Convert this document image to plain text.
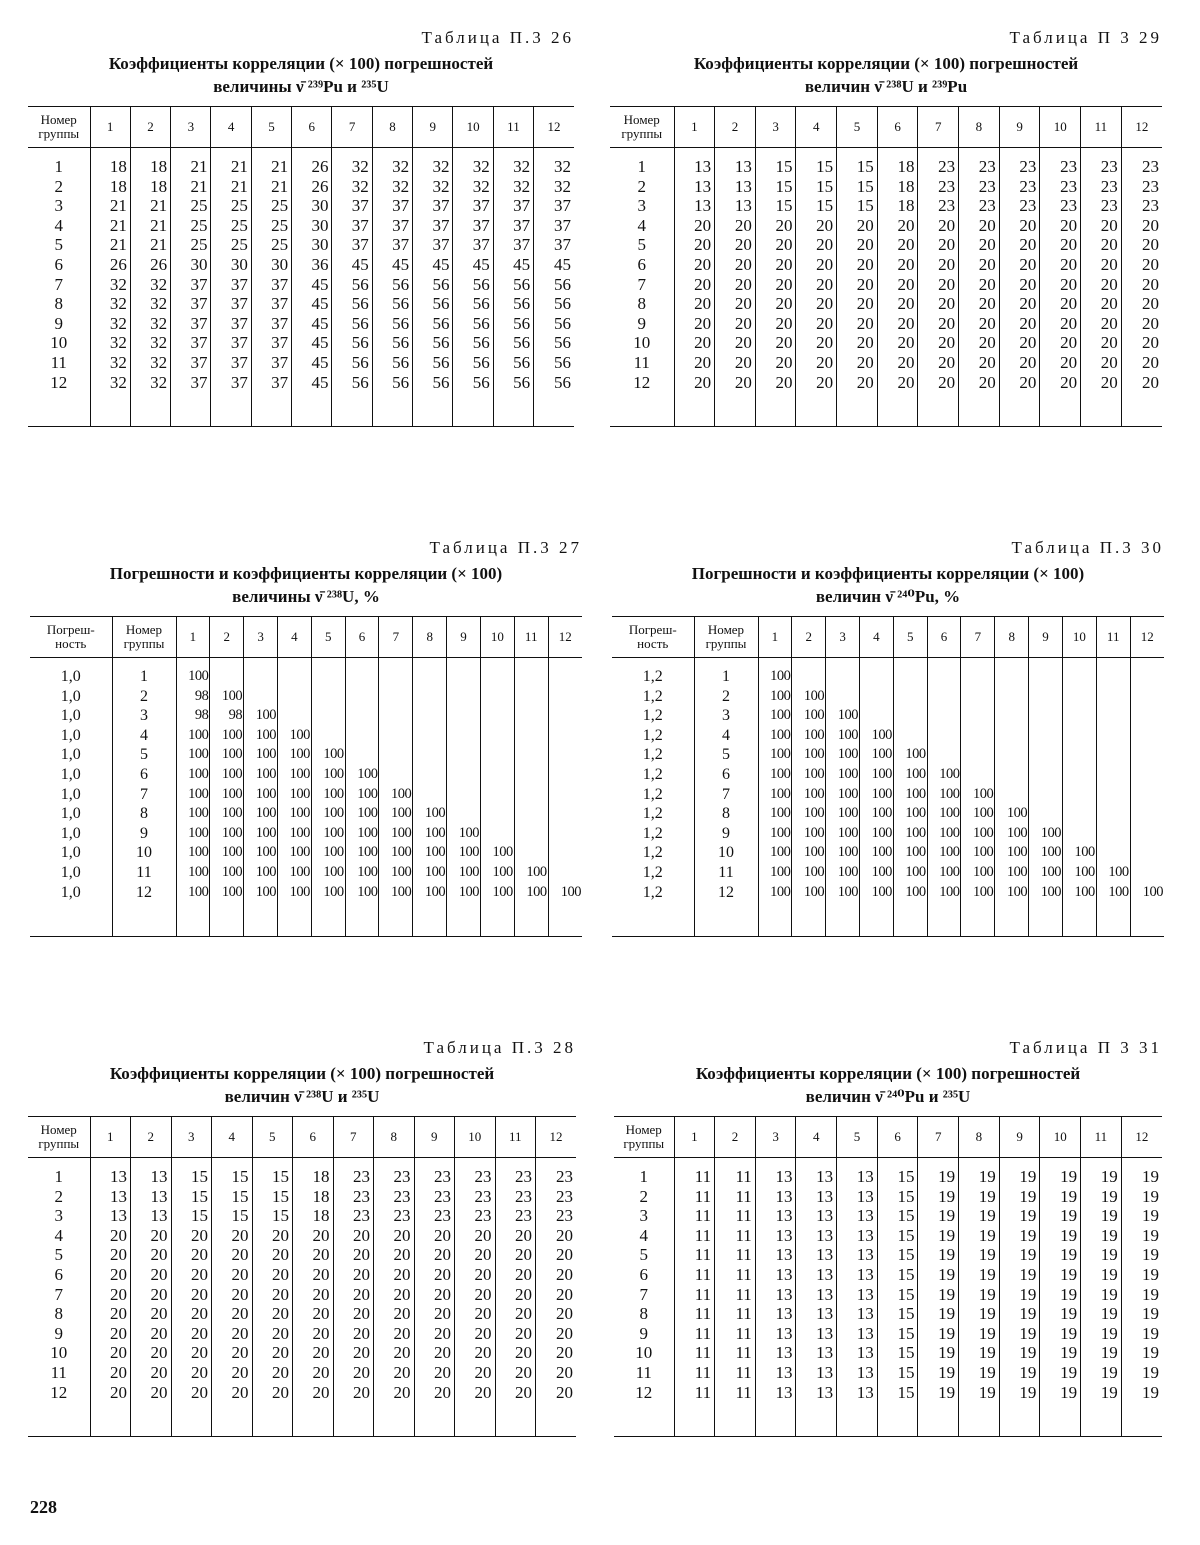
Таблица П.3 26
Коэффициенты корреляции (× 100) погрешностей
величины ν̄ ²³⁹Pu и ²³⁵U
Номер группы	1	2	3	4	5	6	7	8	9	10	11	12

1	18	18	21	21	21	26	32	32	32	32	32	32
2	18	18	21	21	21	26	32	32	32	32	32	32
3	21	21	25	25	25	30	37	37	37	37	37	37
4	21	21	25	25	25	30	37	37	37	37	37	37
5	21	21	25	25	25	30	37	37	37	37	37	37
6	26	26	30	30	30	36	45	45	45	45	45	45
7	32	32	37	37	37	45	56	56	56	56	56	56
8	32	32	37	37	37	45	56	56	56	56	56	56
9	32	32	37	37	37	45	56	56	56	56	56	56
10	32	32	37	37	37	45	56	56	56	56	56	56
11	32	32	37	37	37	45	56	56	56	56	56	56
12	32	32	37	37	37	45	56	56	56	56	56	56

Таблица П 3 29
Коэффициенты корреляции (× 100) погрешностей
величин ν̄ ²³⁸U и ²³⁹Pu
Номер группы	1	2	3	4	5	6	7	8	9	10	11	12

1	13	13	15	15	15	18	23	23	23	23	23	23
2	13	13	15	15	15	18	23	23	23	23	23	23
3	13	13	15	15	15	18	23	23	23	23	23	23
4	20	20	20	20	20	20	20	20	20	20	20	20
5	20	20	20	20	20	20	20	20	20	20	20	20
6	20	20	20	20	20	20	20	20	20	20	20	20
7	20	20	20	20	20	20	20	20	20	20	20	20
8	20	20	20	20	20	20	20	20	20	20	20	20
9	20	20	20	20	20	20	20	20	20	20	20	20
10	20	20	20	20	20	20	20	20	20	20	20	20
11	20	20	20	20	20	20	20	20	20	20	20	20
12	20	20	20	20	20	20	20	20	20	20	20	20

Таблица П.3 27
Погрешности и коэффициенты корреляции (× 100)
величины ν̄ ²³⁸U, %
Погреш- ность	Номер группы	1	2	3	4	5	6	7	8	9	10	11	12

1,0	1	100											
1,0	2	98	100										
1,0	3	98	98	100									
1,0	4	100	100	100	100								
1,0	5	100	100	100	100	100							
1,0	6	100	100	100	100	100	100						
1,0	7	100	100	100	100	100	100	100					
1,0	8	100	100	100	100	100	100	100	100				
1,0	9	100	100	100	100	100	100	100	100	100			
1,0	10	100	100	100	100	100	100	100	100	100	100		
1,0	11	100	100	100	100	100	100	100	100	100	100	100	
1,0	12	100	100	100	100	100	100	100	100	100	100	100	100

Таблица П.3 30
Погрешности и коэффициенты корреляции (× 100)
величин ν̄ ²⁴⁰Pu, %
Погреш- ность	Номер группы	1	2	3	4	5	6	7	8	9	10	11	12

1,2	1	100											
1,2	2	100	100										
1,2	3	100	100	100									
1,2	4	100	100	100	100								
1,2	5	100	100	100	100	100							
1,2	6	100	100	100	100	100	100						
1,2	7	100	100	100	100	100	100	100					
1,2	8	100	100	100	100	100	100	100	100				
1,2	9	100	100	100	100	100	100	100	100	100			
1,2	10	100	100	100	100	100	100	100	100	100	100		
1,2	11	100	100	100	100	100	100	100	100	100	100	100	
1,2	12	100	100	100	100	100	100	100	100	100	100	100	100

Таблица П.3 28
Коэффициенты корреляции (× 100) погрешностей
величин ν̄ ²³⁸U и ²³⁵U
Номер группы	1	2	3	4	5	6	7	8	9	10	11	12

1	13	13	15	15	15	18	23	23	23	23	23	23
2	13	13	15	15	15	18	23	23	23	23	23	23
3	13	13	15	15	15	18	23	23	23	23	23	23
4	20	20	20	20	20	20	20	20	20	20	20	20
5	20	20	20	20	20	20	20	20	20	20	20	20
6	20	20	20	20	20	20	20	20	20	20	20	20
7	20	20	20	20	20	20	20	20	20	20	20	20
8	20	20	20	20	20	20	20	20	20	20	20	20
9	20	20	20	20	20	20	20	20	20	20	20	20
10	20	20	20	20	20	20	20	20	20	20	20	20
11	20	20	20	20	20	20	20	20	20	20	20	20
12	20	20	20	20	20	20	20	20	20	20	20	20

Таблица П 3 31
Коэффициенты корреляции (× 100) погрешностей
величин ν̄ ²⁴⁰Pu и ²³⁵U
Номер группы	1	2	3	4	5	6	7	8	9	10	11	12

1	11	11	13	13	13	15	19	19	19	19	19	19
2	11	11	13	13	13	15	19	19	19	19	19	19
3	11	11	13	13	13	15	19	19	19	19	19	19
4	11	11	13	13	13	15	19	19	19	19	19	19
5	11	11	13	13	13	15	19	19	19	19	19	19
6	11	11	13	13	13	15	19	19	19	19	19	19
7	11	11	13	13	13	15	19	19	19	19	19	19
8	11	11	13	13	13	15	19	19	19	19	19	19
9	11	11	13	13	13	15	19	19	19	19	19	19
10	11	11	13	13	13	15	19	19	19	19	19	19
11	11	11	13	13	13	15	19	19	19	19	19	19
12	11	11	13	13	13	15	19	19	19	19	19	19

228
